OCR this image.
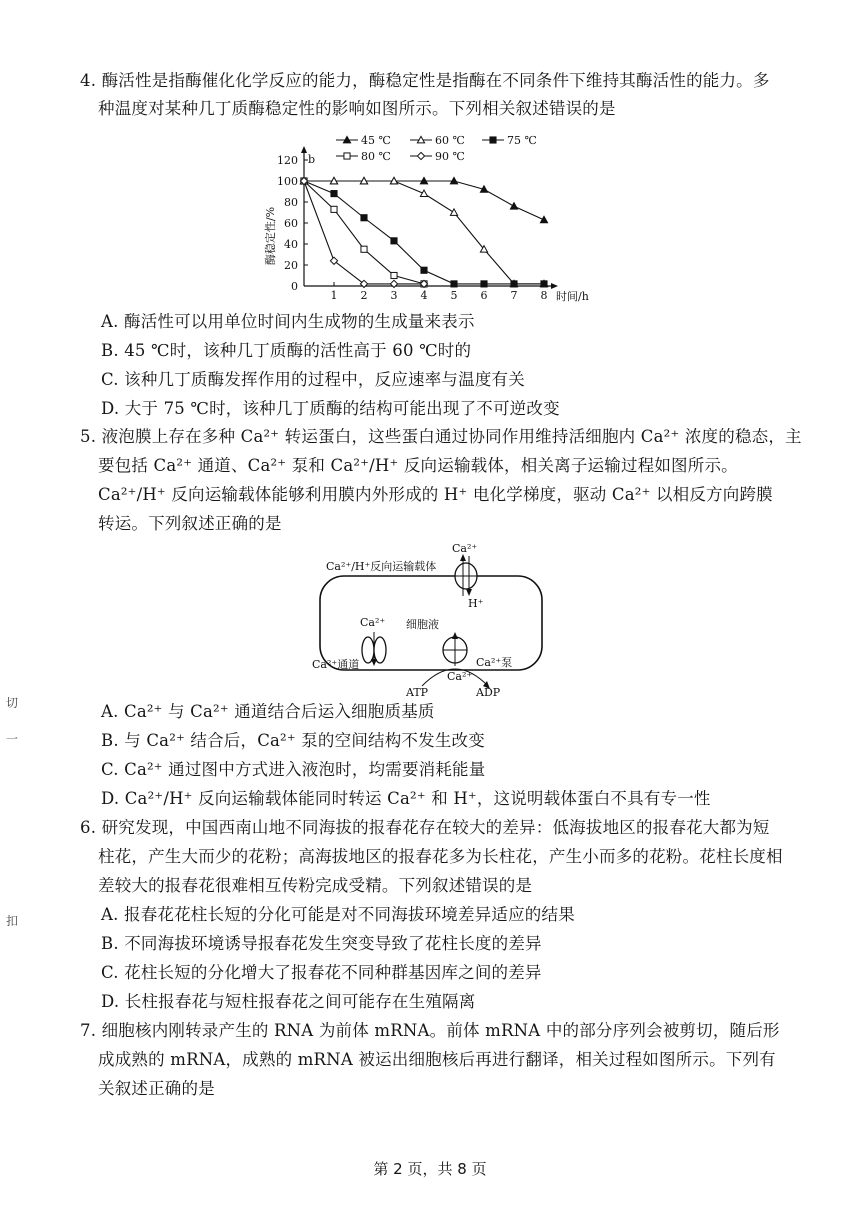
4. 酶活性是指酶催化化学反应的能力，酶稳定性是指酶在不同条件下维持其酶活性的能力。多
种温度对某种几丁质酶稳定性的影响如图所示。下列相关叙述错误的是
0
20
40
60
80
100
120
1 2 3 4 5 6 7 8
45 ℃	60 ℃	75 ℃
80 ℃	90 ℃
酶稳定性/%
时间/h
b
A. 酶活性可以用单位时间内生成物的生成量来表示
B. 45 ℃时，该种几丁质酶的活性高于 60 ℃时的
C. 该种几丁质酶发挥作用的过程中，反应速率与温度有关
D. 大于 75 ℃时，该种几丁质酶的结构可能出现了不可逆改变
5. 液泡膜上存在多种 Ca²⁺ 转运蛋白，这些蛋白通过协同作用维持活细胞内 Ca²⁺ 浓度的稳态，主
要包括 Ca²⁺ 通道、Ca²⁺ 泵和 Ca²⁺/H⁺ 反向运输载体，相关离子运输过程如图所示。
Ca²⁺/H⁺ 反向运输载体能够利用膜内外形成的 H⁺ 电化学梯度，驱动 Ca²⁺ 以相反方向跨膜
转运。下列叙述正确的是
细胞液
Ca²⁺/H⁺反向运输载体
Ca²⁺
H⁺
Ca²⁺
Ca²⁺通道	Ca²⁺泵
Ca²⁺
ATP	ADP
A. Ca²⁺ 与 Ca²⁺ 通道结合后运入细胞质基质
B. 与 Ca²⁺ 结合后，Ca²⁺ 泵的空间结构不发生改变
C. Ca²⁺ 通过图中方式进入液泡时，均需要消耗能量
D. Ca²⁺/H⁺ 反向运输载体能同时转运 Ca²⁺ 和 H⁺，这说明载体蛋白不具有专一性
6. 研究发现，中国西南山地不同海拔的报春花存在较大的差异：低海拔地区的报春花大都为短
柱花，产生大而少的花粉；高海拔地区的报春花多为长柱花，产生小而多的花粉。花柱长度相
差较大的报春花很难相互传粉完成受精。下列叙述错误的是
A. 报春花花柱长短的分化可能是对不同海拔环境差异适应的结果
B. 不同海拔环境诱导报春花发生突变导致了花柱长度的差异
C. 花柱长短的分化增大了报春花不同种群基因库之间的差异
D. 长柱报春花与短柱报春花之间可能存在生殖隔离
7. 细胞核内刚转录产生的 RNA 为前体 mRNA。前体 mRNA 中的部分序列会被剪切，随后形
成成熟的 mRNA，成熟的 mRNA 被运出细胞核后再进行翻译，相关过程如图所示。下列有
关叙述正确的是
切
一
扣
第 2 页，共 8 页
